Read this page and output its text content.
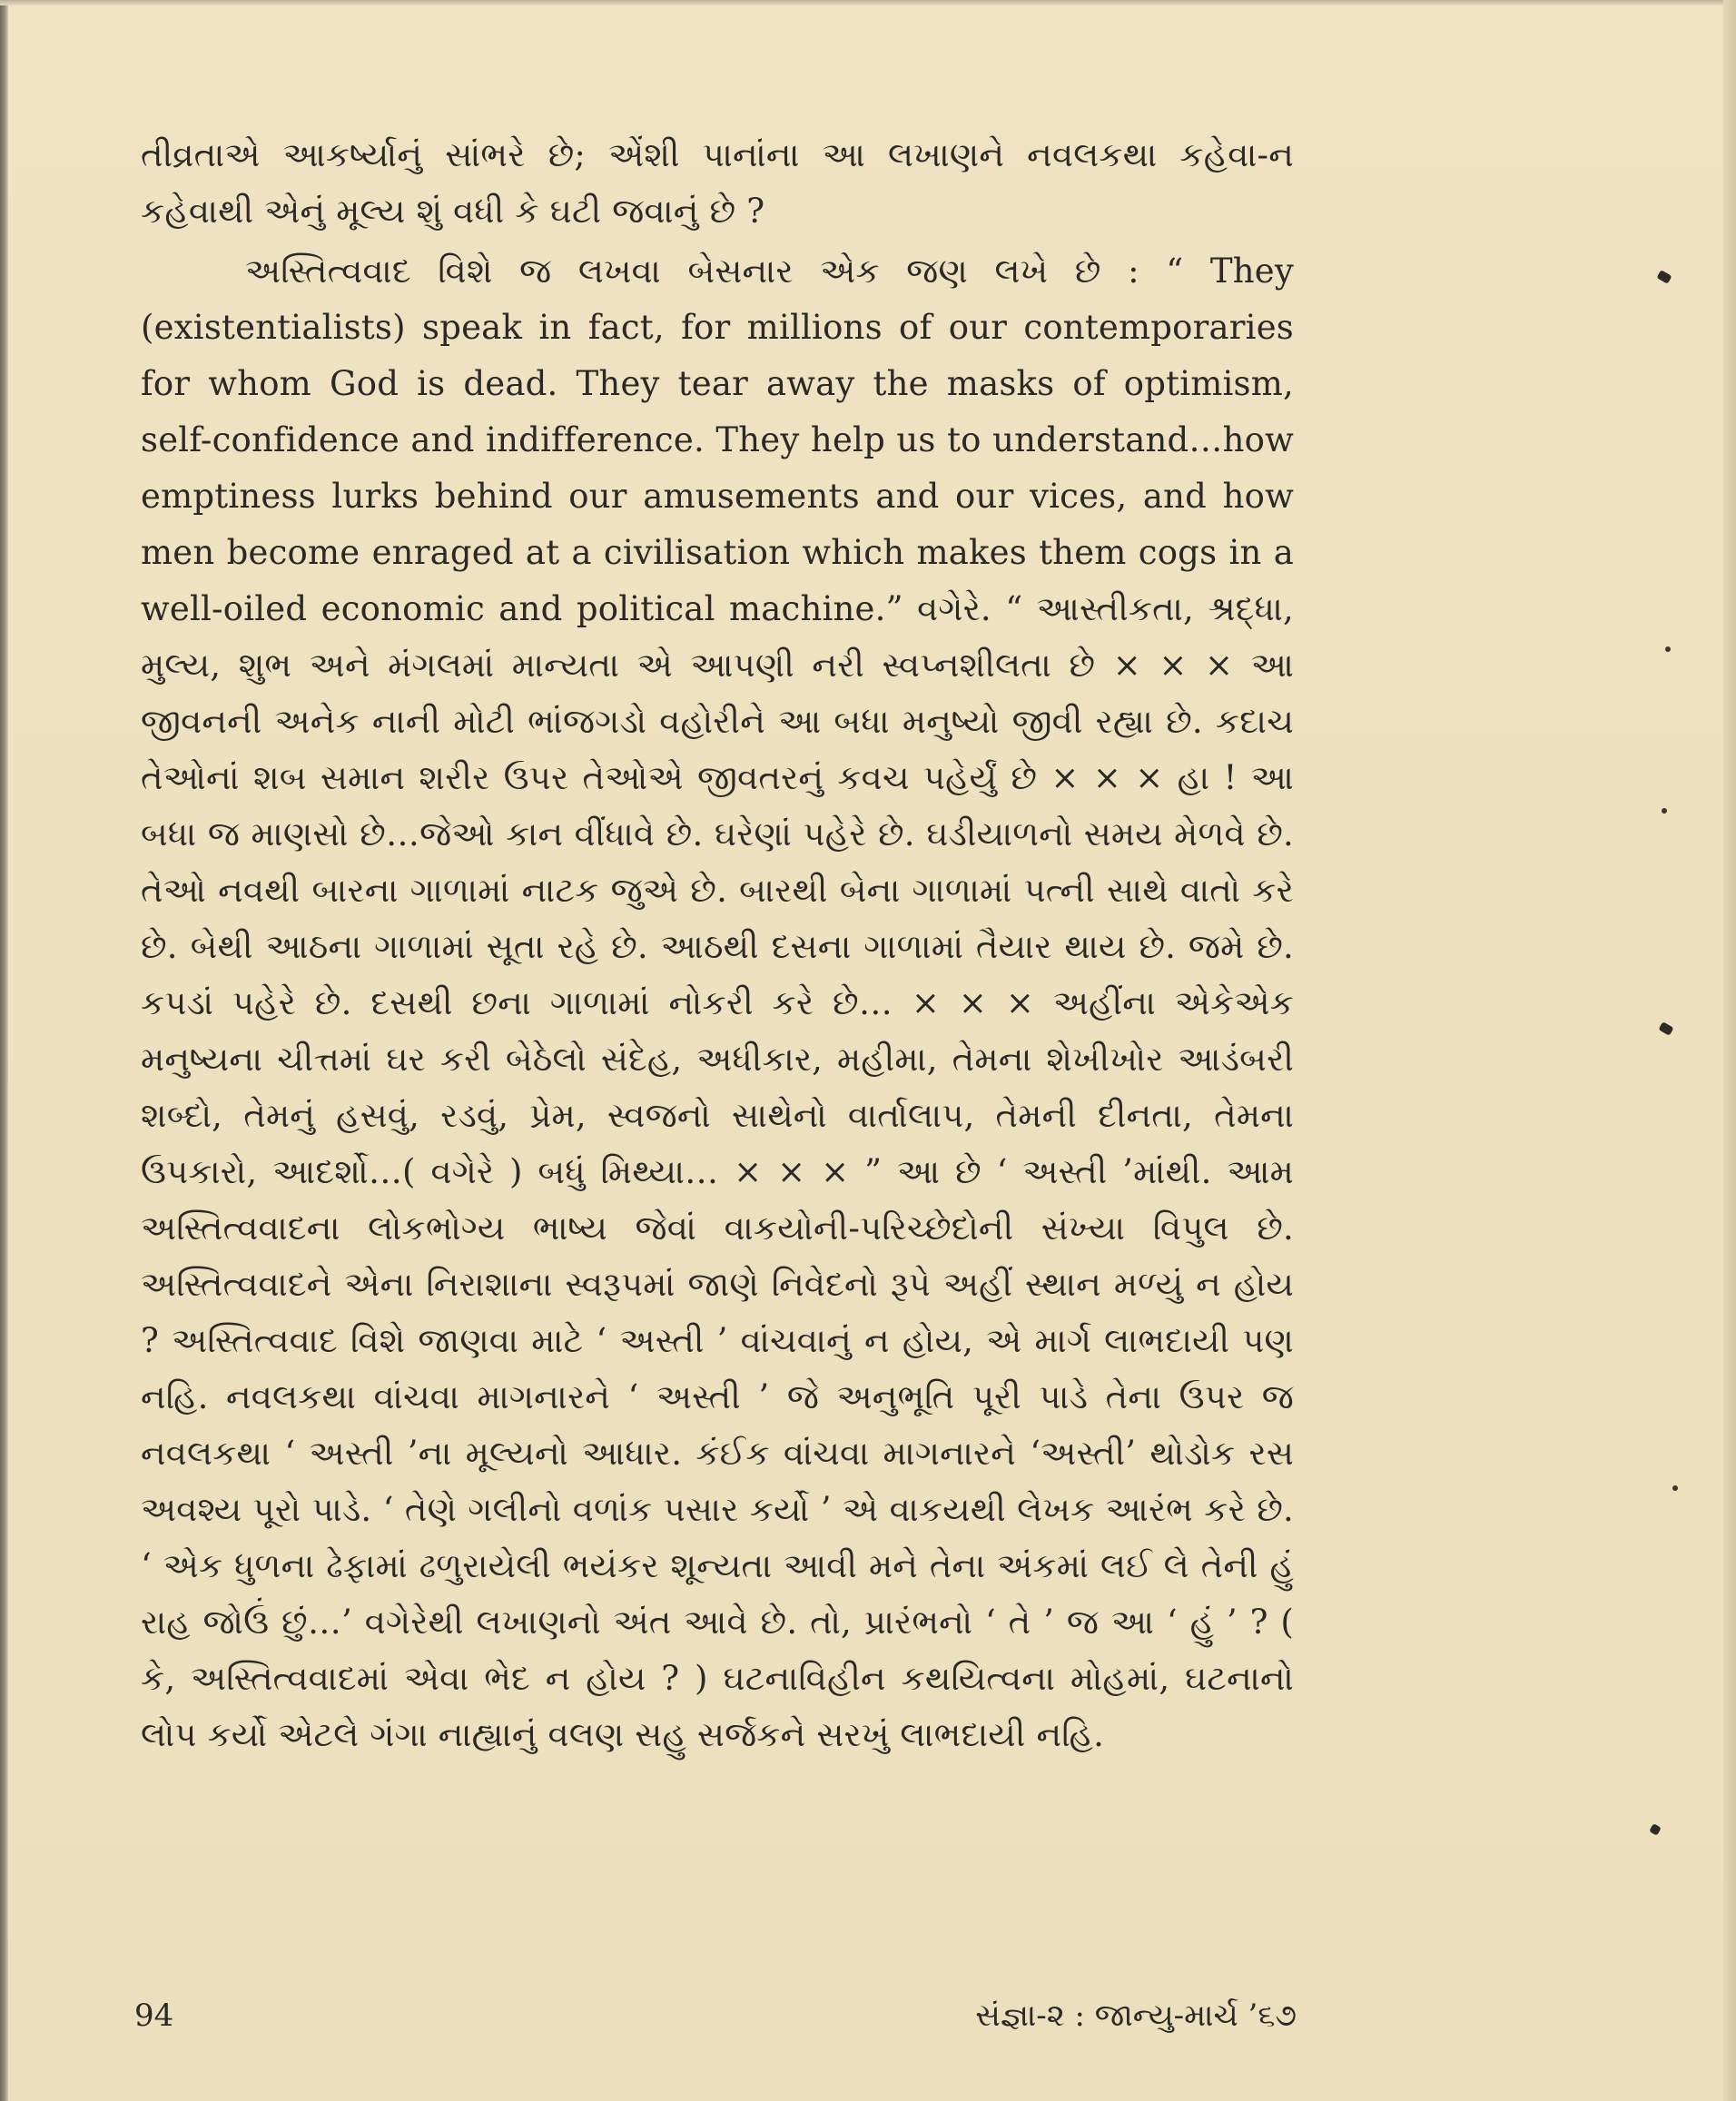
તીવ્રતાએ આકર્ષ્યાનું સાંભરે છે; એંશી પાનાંના આ લખાણને નવલકથા કહેવા-ન કહેવાથી એનું મૂલ્ય શું વધી કે ઘટી જવાનું છે ?

અસ્તિત્વવાદ વિશે જ લખવા બેસનાર એક જણ લખે છે : “ They (existentialists) speak in fact, for millions of our contemporaries for whom God is dead. They tear away the masks of optimism, self-confidence and indifference. They help us to understand…how emptiness lurks behind our amusements and our vices, and how men become enraged at a civilisation which makes them cogs in a well-oiled economic and political machine.” વગેરે. “ આસ્તીકતા, શ્રદ્ધા, મુલ્ય, શુભ અને મંગલમાં માન્યતા એ આપણી નરી સ્વપ્નશીલતા છે × × × આ જીવનની અનેક નાની મોટી ભાંજગડો વહોરીને આ બધા મનુષ્યો જીવી રહ્યા છે. કદાચ તેઓનાં શબ સમાન શરીર ઉપર તેઓએ જીવતરનું કવચ પહેર્યું છે × × × હા ! આ બધા જ માણસો છે…જેઓ કાન વીંધાવે છે. ઘરેણાં પહેરે છે. ઘડીયાળનો સમય મેળવે છે. તેઓ નવથી બારના ગાળામાં નાટક જુએ છે. બારથી બેના ગાળામાં પત્ની સાથે વાતો કરે છે. બેથી આઠના ગાળામાં સૂતા રહે છે. આઠથી દસના ગાળામાં તૈયાર થાય છે. જમે છે. કપડાં પહેરે છે. દસથી છના ગાળામાં નોકરી કરે છે… × × × અહીંના એકેએક મનુષ્યના ચીત્તમાં ઘર કરી બેઠેલો સંદેહ, અધીકાર, મહીમા, તેમના શેખીખોર આડંબરી શબ્દો, તેમનું હસવું, રડવું, પ્રેમ, સ્વજનો સાથેનો વાર્તાલાપ, તેમની દીનતા, તેમના ઉપકારો, આદર્શો…( વગેરે ) બધું મિથ્યા… × × × ” આ છે ‘ અસ્તી ’માંથી. આમ અસ્તિત્વવાદના લોકભોગ્ય ભાષ્ય જેવાં વાકયોની-પરિચ્છેદોની સંખ્યા વિપુલ છે. અસ્તિત્વવાદને એના નિરાશાના સ્વરૂપમાં જાણે નિવેદનો રૂપે અહીં સ્થાન મળ્યું ન હોય ? અસ્તિત્વવાદ વિશે જાણવા માટે ‘ અસ્તી ’ વાંચવાનું ન હોય, એ માર્ગ લાભદાયી પણ નહિ. નવલકથા વાંચવા માગનારને ‘ અસ્તી ’ જે અનુભૂતિ પૂરી પાડે તેના ઉપર જ નવલકથા ‘ અસ્તી ’ના મૂલ્યનો આધાર. કંઈક વાંચવા માગનારને ‘અસ્તી’ થોડોક રસ અવશ્ય પૂરો પાડે. ‘ તેણે ગલીનો વળાંક પસાર કર્યો ’ એ વાકયથી લેખક આરંભ કરે છે. ‘ એક ધુળના ઢેફામાં ઢળુરાયેલી ભયંકર શૂન્યતા આવી મને તેના અંકમાં લઈ લે તેની હું રાહ જોઉં છું…’ વગેરેથી લખાણનો અંત આવે છે. તો, પ્રારંભનો ‘ તે ’ જ આ ‘ હું ’ ? ( કે, અસ્તિત્વવાદમાં એવા ભેદ ન હોય ? ) ઘટનાવિહીન કથયિત્વના મોહમાં, ઘટનાનો લોપ કર્યો એટલે ગંગા નાહ્યાનું વલણ સહુ સર્જકને સરખું લાભદાયી નહિ.

94	સંજ્ઞા-૨ : જાન્યુ-માર્ચ ’૬૭
